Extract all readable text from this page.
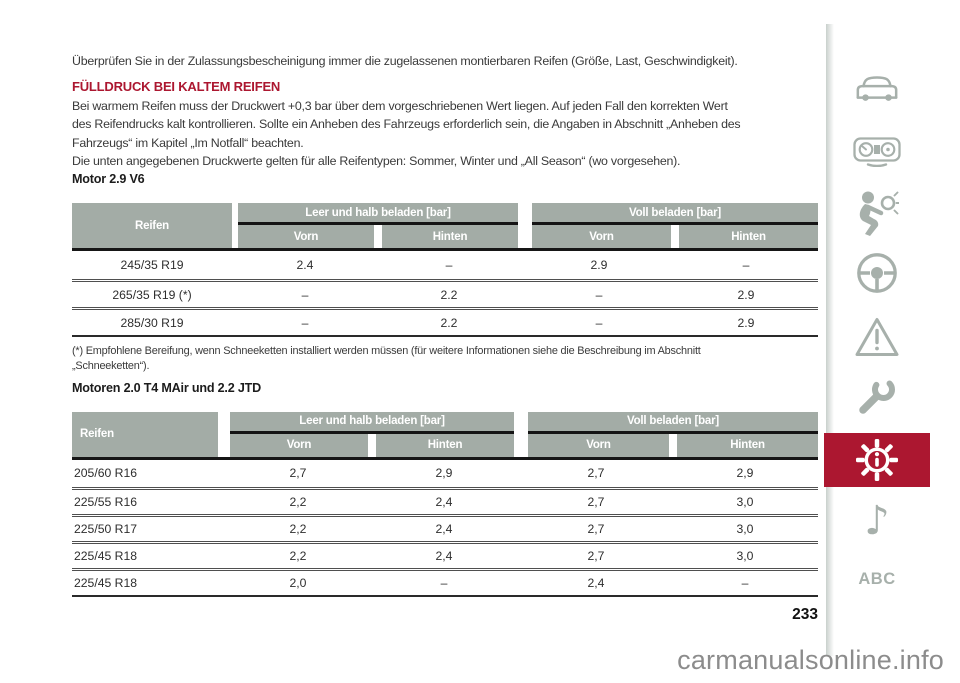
Überprüfen Sie in der Zulassungsbescheinigung immer die zugelassenen montierbaren Reifen (Größe, Last, Geschwindigkeit).

FÜLLDRUCK BEI KALTEM REIFEN
Bei warmem Reifen muss der Druckwert +0,3 bar über dem vorgeschriebenen Wert liegen. Auf jeden Fall den korrekten Wert
des Reifendrucks kalt kontrollieren. Sollte ein Anheben des Fahrzeugs erforderlich sein, die Angaben in Abschnitt „Anheben des
Fahrzeugs“ im Kapitel „Im Notfall“ beachten.

Die unten angegebenen Druckwerte gelten für alle Reifentypen: Sommer, Winter und „All Season“ (wo vorgesehen).

Motor 2.9 V6
Reifen
Leer und halb beladen [bar]
Vorn	Hinten
Voll beladen [bar]
Vorn	Hinten
245/35 R19	2.4	–	2.9	–
265/35 R19 (*)	–	2.2	–	2.9
285/30 R19	–	2.2	–	2.9
(*) Empfohlene Bereifung, wenn Schneeketten installiert werden müssen (für weitere Informationen siehe die Beschreibung im Abschnitt
„Schneeketten“).
Motoren 2.0 T4 MAir und 2.2 JTD
Reifen
Leer und halb beladen [bar]
Vorn	Hinten
Voll beladen [bar]
Vorn	Hinten
205/60 R16	2,7	2,9	2,7	2,9
225/55 R16	2,2	2,4	2,7	3,0
225/50 R17	2,2	2,4	2,7	3,0
225/45 R18	2,2	2,4	2,7	3,0
225/45 R18	2,0	–	2,4	–
233
♪
ABC
carmanualsonline.info
